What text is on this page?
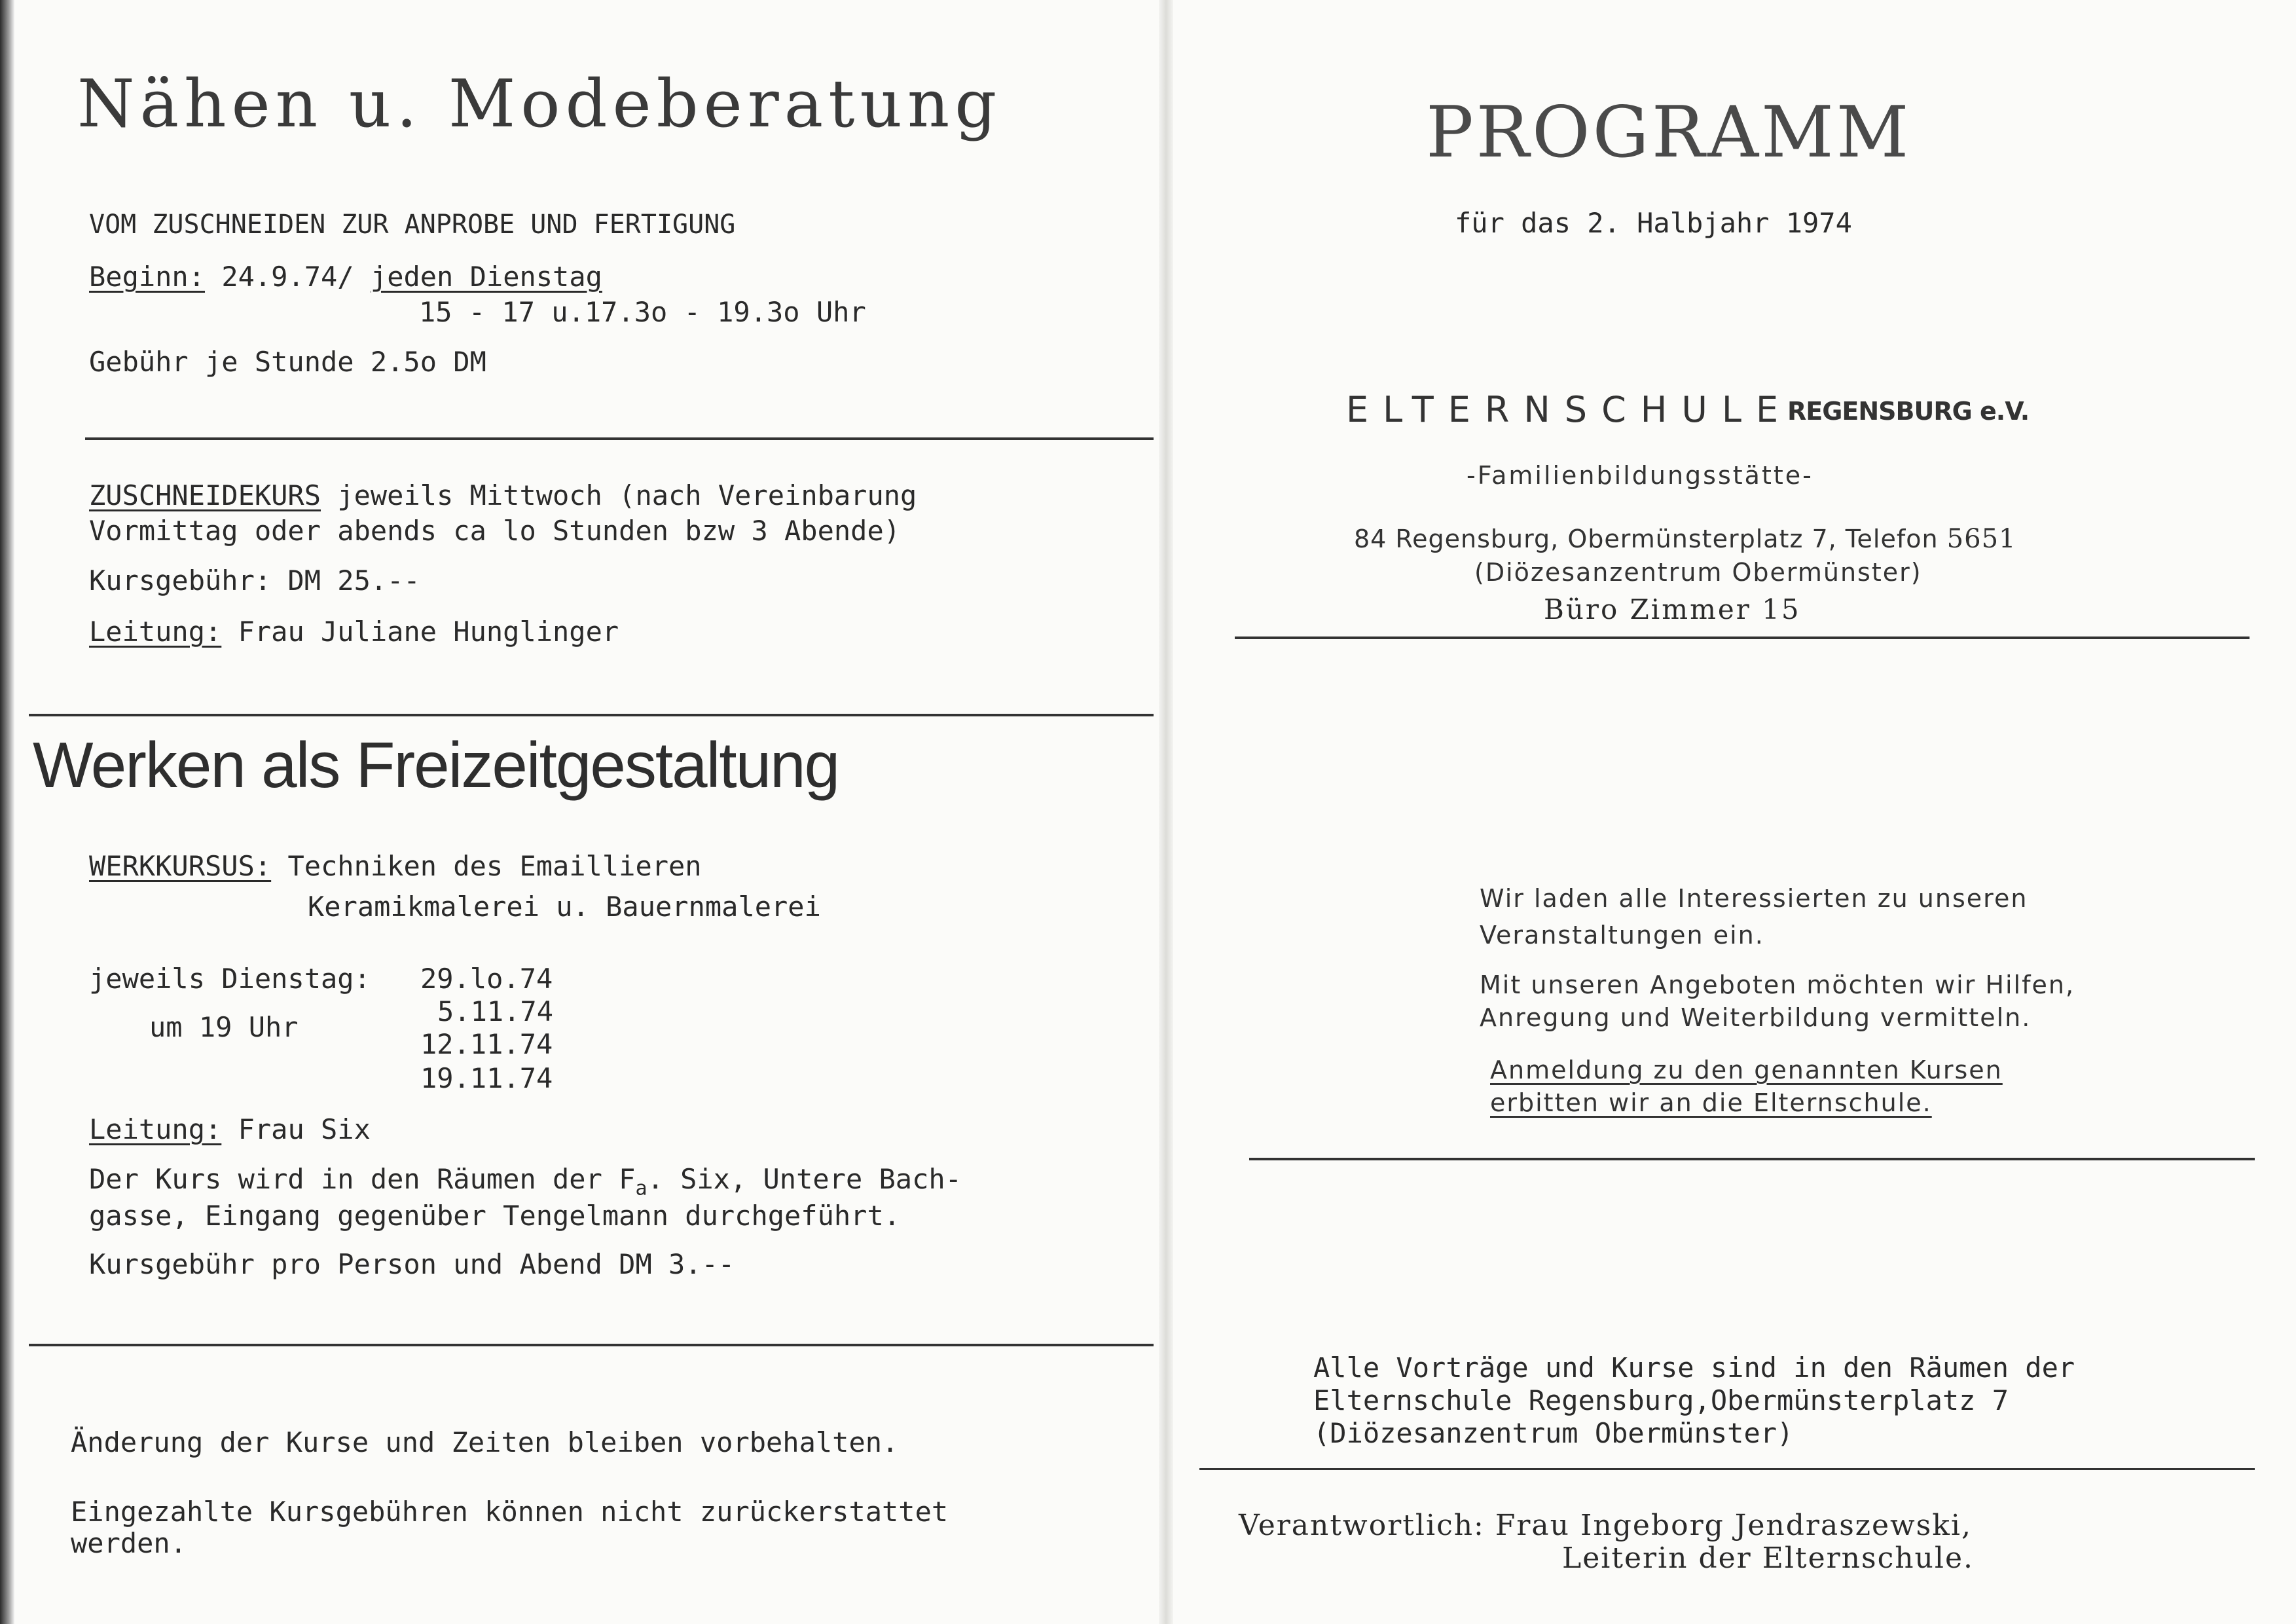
Nähen u. Modeberatung
VOM ZUSCHNEIDEN ZUR ANPROBE UND FERTIGUNG
Beginn: 24.9.74/ jeden Dienstag
15 - 17 u.17.3o - 19.3o Uhr
Gebühr je Stunde 2.5o DM
ZUSCHNEIDEKURS jeweils Mittwoch (nach Vereinbarung
Vormittag oder abends ca lo Stunden bzw 3 Abende)
Kursgebühr: DM 25.--
Leitung: Frau Juliane Hunglinger
Werken als Freizeitgestaltung
WERKKURSUS: Techniken des Emaillieren
Keramikmalerei u. Bauernmalerei
jeweils Dienstag:
um 19 Uhr
29.lo.74
5.11.74
12.11.74
19.11.74
Leitung: Frau Six
Der Kurs wird in den Räumen der $F_a$. Six, Untere Bach-
gasse, Eingang gegenüber Tengelmann durchgeführt.
Kursgebühr pro Person und Abend DM 3.--
Änderung der Kurse und Zeiten bleiben vorbehalten.
Eingezahlte Kursgebühren können nicht zurückerstattet
werden.
PROGRAMM
für das 2. Halbjahr 1974
ELTERNSCHULE
REGENSBURG e.V.
-Familienbildungsstätte-
84 Regensburg, Obermünsterplatz 7, Telefon 5651
(Diözesanzentrum Obermünster)
Büro Zimmer 15
Wir laden alle Interessierten zu unseren
Veranstaltungen ein.
Mit unseren Angeboten möchten wir Hilfen,
Anregung und Weiterbildung vermitteln.
Anmeldung zu den genannten Kursen
erbitten wir an die Elternschule.
Alle Vorträge und Kurse sind in den Räumen der
Elternschule Regensburg,Obermünsterplatz 7
(Diözesanzentrum Obermünster)
Verantwortlich: Frau Ingeborg Jendraszewski,
Leiterin der Elternschule.
